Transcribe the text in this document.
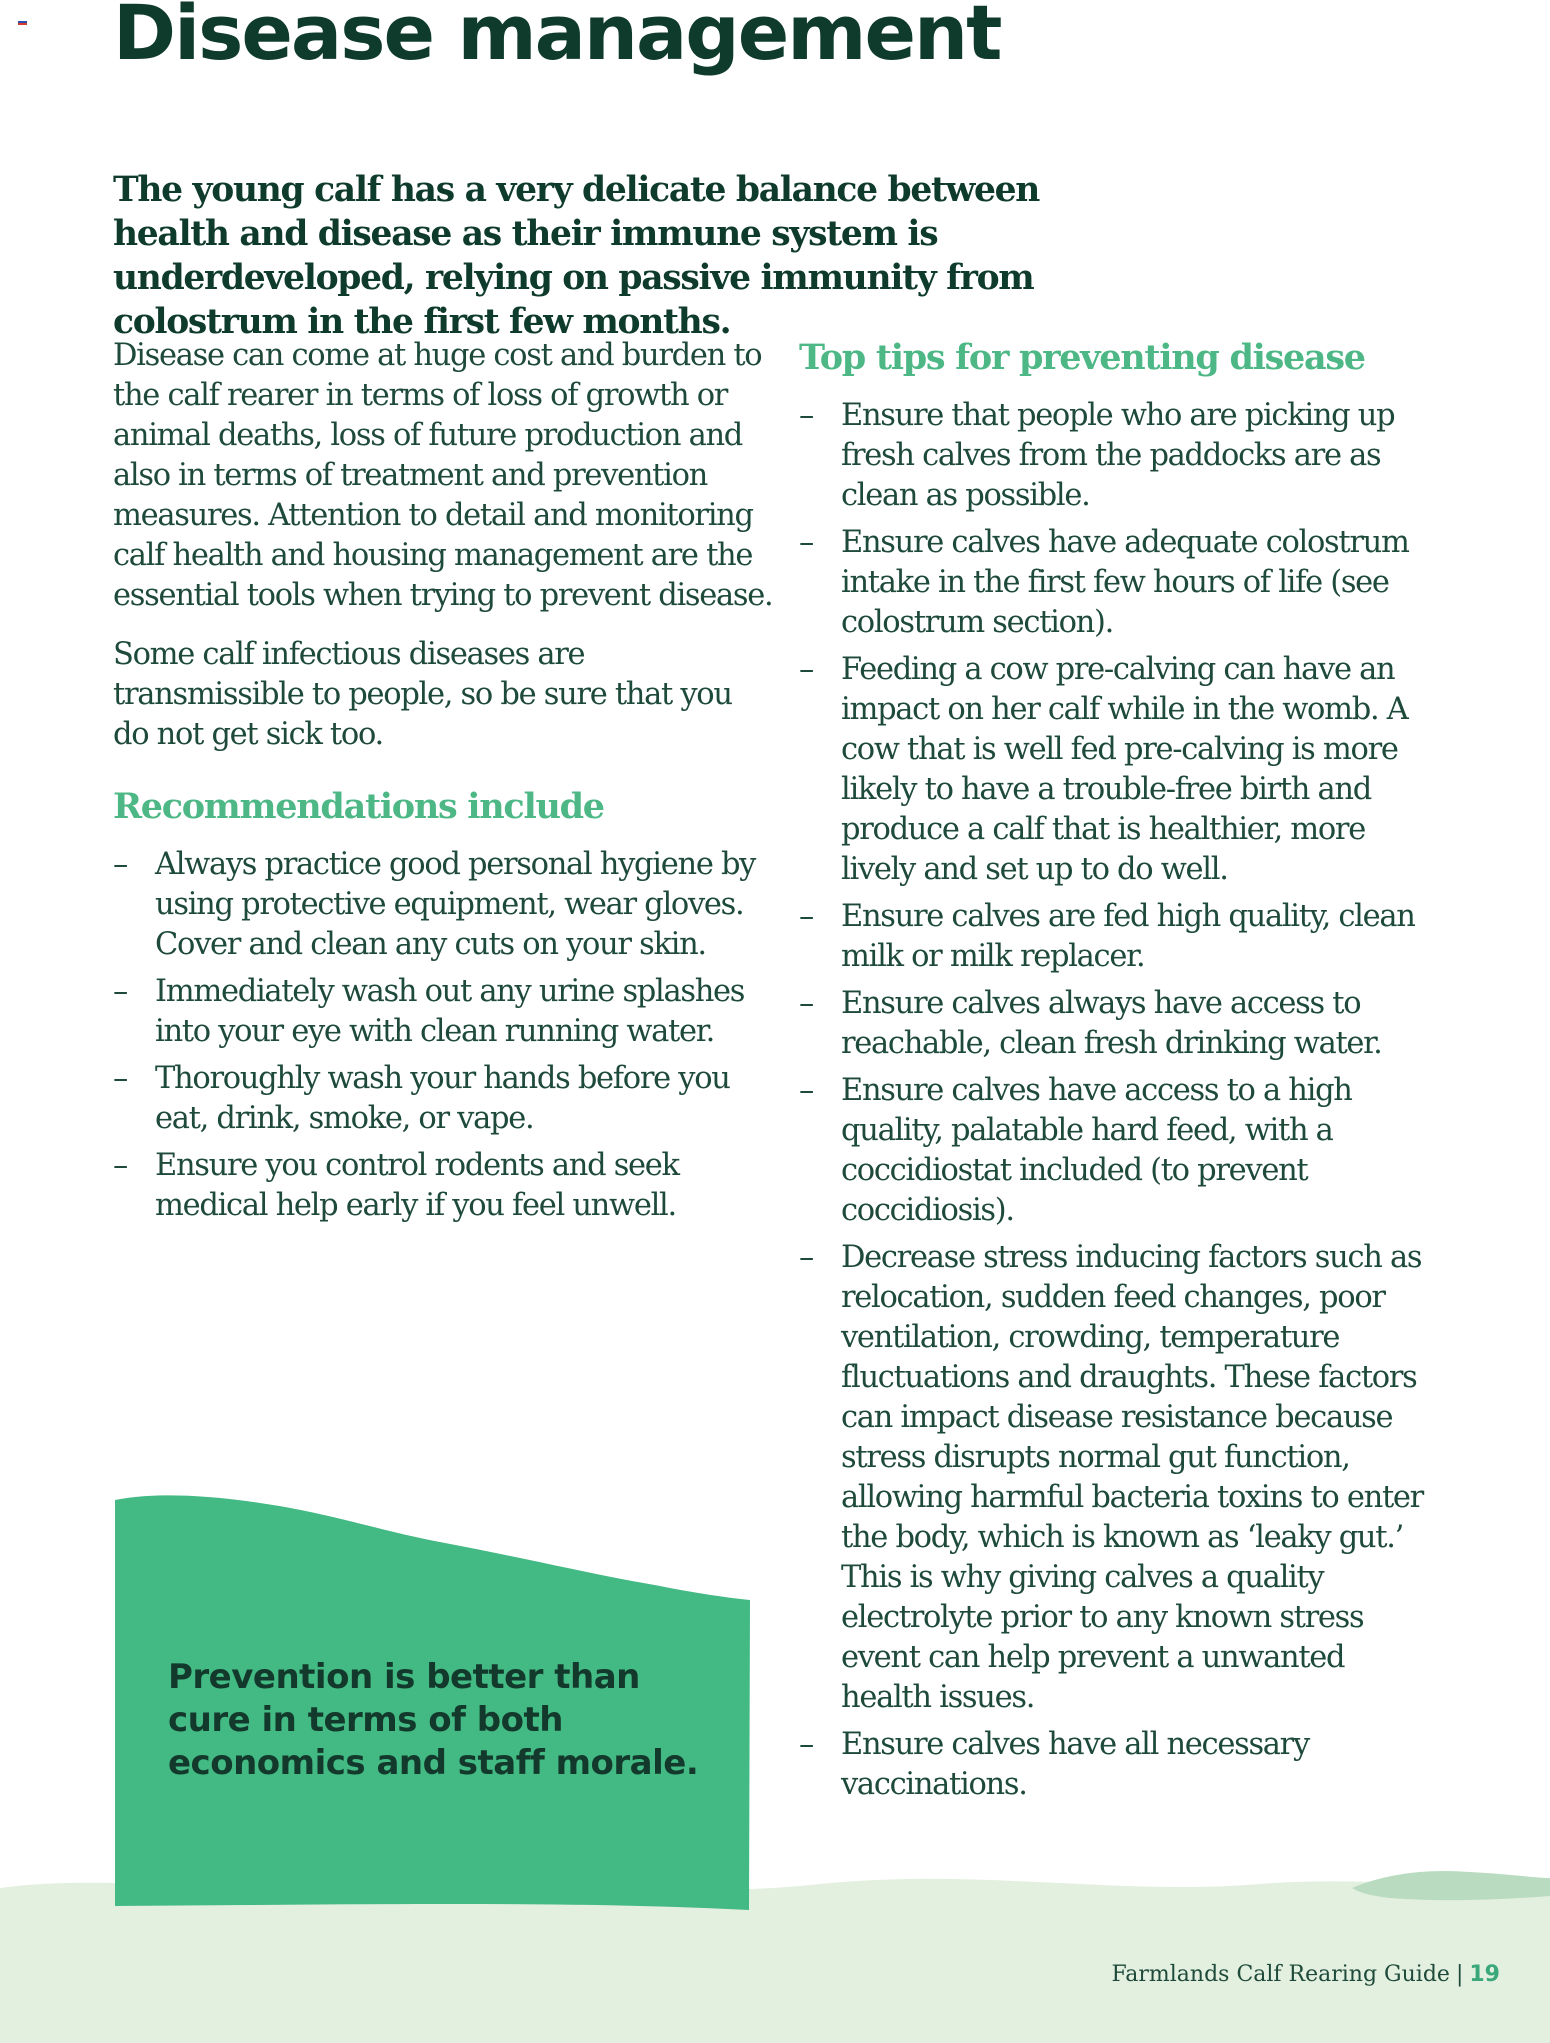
Disease management

The young calf has a very delicate balance between health and disease as their immune system is underdeveloped, relying on passive immunity from colostrum in the first few months.

Disease can come at huge cost and burden to the calf rearer in terms of loss of growth or animal deaths, loss of future production and also in terms of treatment and prevention measures. Attention to detail and monitoring calf health and housing management are the essential tools when trying to prevent disease.

Some calf infectious diseases are transmissible to people, so be sure that you do not get sick too.

Recommendations include
– Always practice good personal hygiene by using protective equipment, wear gloves. Cover and clean any cuts on your skin.
– Immediately wash out any urine splashes into your eye with clean running water.
– Thoroughly wash your hands before you eat, drink, smoke, or vape.
– Ensure you control rodents and seek medical help early if you feel unwell.
Top tips for preventing disease
– Ensure that people who are picking up fresh calves from the paddocks are as clean as possible.
– Ensure calves have adequate colostrum intake in the first few hours of life (see colostrum section).
– Feeding a cow pre-calving can have an impact on her calf while in the womb. A cow that is well fed pre-calving is more likely to have a trouble-free birth and produce a calf that is healthier, more lively and set up to do well.
– Ensure calves are fed high quality, clean milk or milk replacer.
– Ensure calves always have access to reachable, clean fresh drinking water.
– Ensure calves have access to a high quality, palatable hard feed, with a coccidiostat included (to prevent coccidiosis).
– Decrease stress inducing factors such as relocation, sudden feed changes, poor ventilation, crowding, temperature fluctuations and draughts. These factors can impact disease resistance because stress disrupts normal gut function, allowing harmful bacteria toxins to enter the body, which is known as ‘leaky gut.’ This is why giving calves a quality electrolyte prior to any known stress event can help prevent a unwanted health issues.
– Ensure calves have all necessary vaccinations.

Prevention is better than cure in terms of both economics and staff morale.

Farmlands Calf Rearing Guide | 19
